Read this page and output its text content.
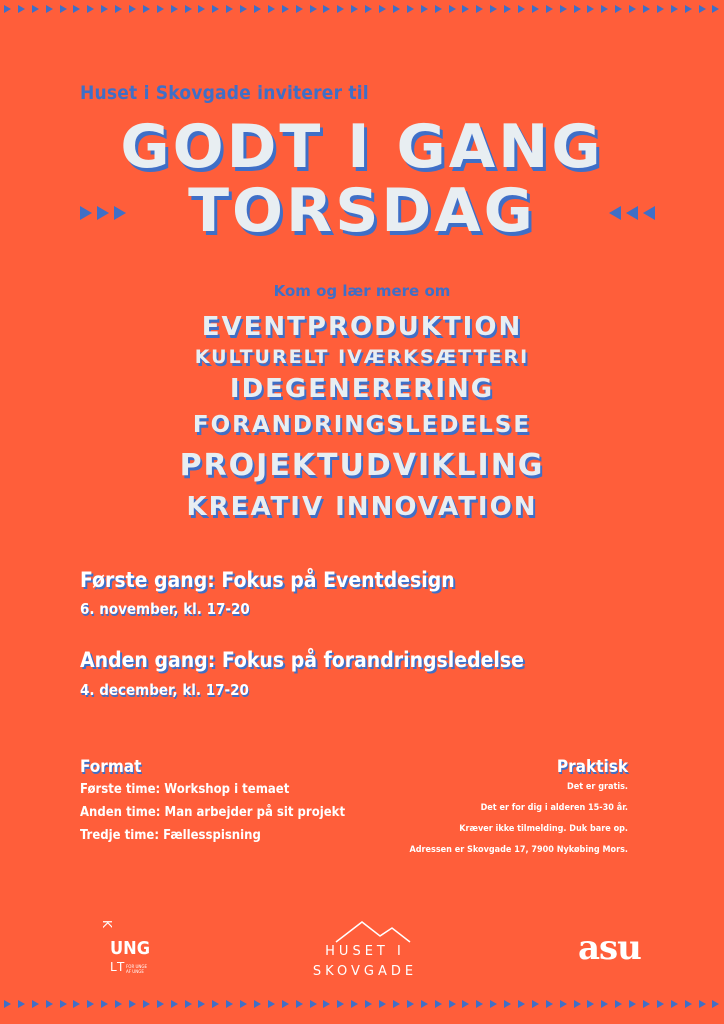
Huset i Skovgade inviterer til
GODT I GANG
TORSDAG
Kom og lær mere om
EVENTPRODUKTION
KULTURELT IVÆRKSÆTTERI
IDEGENERERING
FORANDRINGSLEDELSE
PROJEKTUDVIKLING
KREATIV INNOVATION
Første gang: Fokus på Eventdesign
6. november, kl. 17-20
Anden gang: Fokus på forandringsledelse
4. december, kl. 17-20
Format
Første time: Workshop i temaet
Anden time: Man arbejder på sit projekt
Tredje time: Fællesspisning
Praktisk
Det er gratis.
Det er for dig i alderen 15-30 år.
Kræver ikke tilmelding. Duk bare op.
Adressen er Skovgade 17, 7900 Nykøbing Mors.
K
UNG
LT FOR UNGE
AF UNGE
HUSET I
SKOVGADE
asu
